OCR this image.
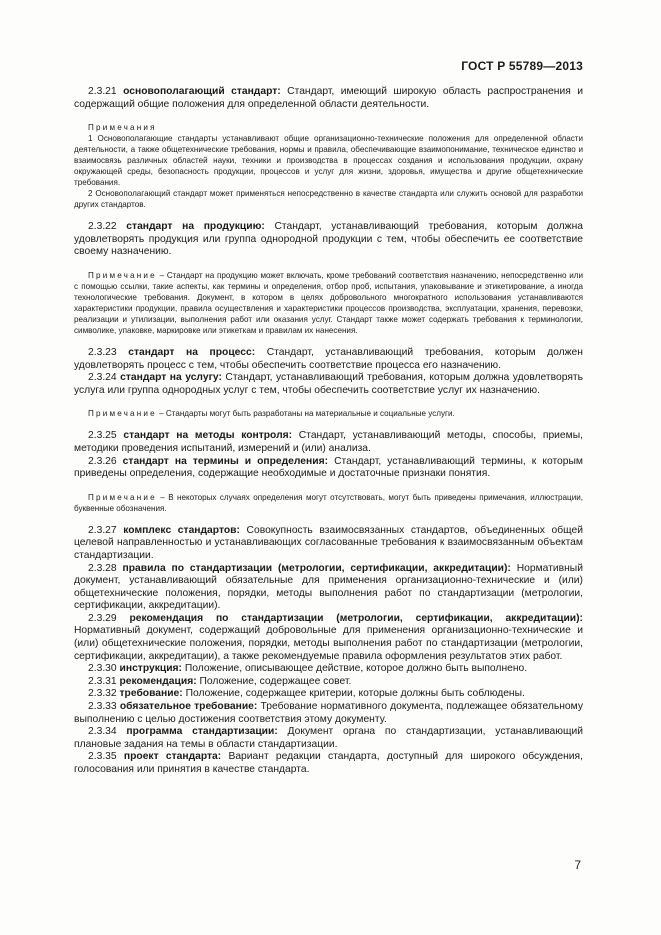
ГОСТ Р 55789—2013

2.3.21 основополагающий стандарт: Стандарт, имеющий широкую область распространения и содержащий общие положения для определенной области деятельности.

Примечания

1 Основополагающие стандарты устанавливают общие организационно-технические положения для определенной области деятельности, а также общетехнические требования, нормы и правила, обеспечивающие взаимопонимание, техническое единство и взаимосвязь различных областей науки, техники и производства в процессах создания и использования продукции, охрану окружающей среды, безопасность продукции, процессов и услуг для жизни, здоровья, имущества и другие общетехнические требования.

2 Основополагающий стандарт может применяться непосредственно в качестве стандарта или служить основой для разработки других стандартов.

2.3.22 стандарт на продукцию: Стандарт, устанавливающий требования, которым должна удовлетворять продукция или группа однородной продукции с тем, чтобы обеспечить ее соответствие своему назначению.

Примечание – Стандарт на продукцию может включать, кроме требований соответствия назначению, непосредственно или с помощью ссылки, такие аспекты, как термины и определения, отбор проб, испытания, упаковывание и этикетирование, а иногда технологические требования. Документ, в котором в целях добровольного многократного использования устанавливаются характеристики продукции, правила осуществления и характеристики процессов производства, эксплуатации, хранения, перевозки, реализации и утилизации, выполнения работ или оказания услуг. Стандарт также может содержать требования к терминологии, символике, упаковке, маркировке или этикеткам и правилам их нанесения.

2.3.23 стандарт на процесс: Стандарт, устанавливающий требования, которым должен удовлетворять процесс с тем, чтобы обеспечить соответствие процесса его назначению.

2.3.24 стандарт на услугу: Стандарт, устанавливающий требования, которым должна удовлетворять услуга или группа однородных услуг с тем, чтобы обеспечить соответствие услуг их назначению.

Примечание – Стандарты могут быть разработаны на материальные и социальные услуги.

2.3.25 стандарт на методы контроля: Стандарт, устанавливающий методы, способы, приемы, методики проведения испытаний, измерений и (или) анализа.

2.3.26 стандарт на термины и определения: Стандарт, устанавливающий термины, к которым приведены определения, содержащие необходимые и достаточные признаки понятия.

Примечание – В некоторых случаях определения могут отсутствовать, могут быть приведены примечания, иллюстрации, буквенные обозначения.

2.3.27 комплекс стандартов: Совокупность взаимосвязанных стандартов, объединенных общей целевой направленностью и устанавливающих согласованные требования к взаимосвязанным объектам стандартизации.

2.3.28 правила по стандартизации (метрологии, сертификации, аккредитации): Нормативный документ, устанавливающий обязательные для применения организационно-технические и (или) общетехнические положения, порядки, методы выполнения работ по стандартизации (метрологии, сертификации, аккредитации).

2.3.29 рекомендация по стандартизации (метрологии, сертификации, аккредитации): Нормативный документ, содержащий добровольные для применения организационно-технические и (или) общетехнические положения, порядки, методы выполнения работ по стандартизации (метрологии, сертификации, аккредитации), а также рекомендуемые правила оформления результатов этих работ.

2.3.30 инструкция: Положение, описывающее действие, которое должно быть выполнено.

2.3.31 рекомендация: Положение, содержащее совет.

2.3.32 требование: Положение, содержащее критерии, которые должны быть соблюдены.

2.3.33 обязательное требование: Требование нормативного документа, подлежащее обязательному выполнению с целью достижения соответствия этому документу.

2.3.34 программа стандартизации: Документ органа по стандартизации, устанавливающий плановые задания на темы в области стандартизации.

2.3.35 проект стандарта: Вариант редакции стандарта, доступный для широкого обсуждения, голосования или принятия в качестве стандарта.

7
